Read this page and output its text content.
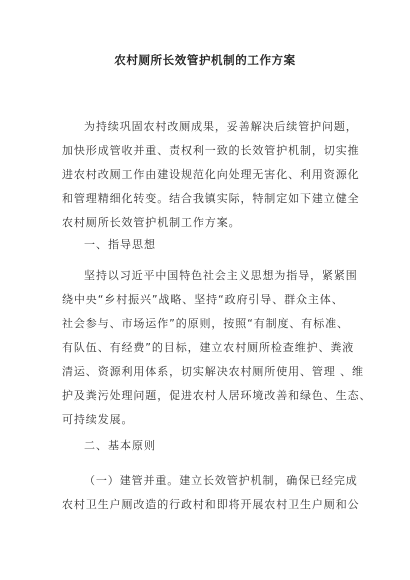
农村厕所长效管护机制的工作方案
为持续巩固农村改厕成果，妥善解决后续管护问题，
加快形成管收并重、责权利一致的长效管护机制，切实推
进农村改厕工作由建设规范化向处理无害化、利用资源化
和管理精细化转变。结合我镇实际，特制定如下建立健全
农村厕所长效管护机制工作方案。
一、指导思想
坚持以习近平中国特色社会主义思想为指导，紧紧围
绕中央“乡村振兴”战略、坚持“政府引导、群众主体、
社会参与、市场运作”的原则，按照“有制度、有标准、
有队伍、有经费”的目标，建立农村厕所检查维护、粪液
清运、资源利用体系，切实解决农村厕所使用、管理 、维
护及粪污处理问题，促进农村人居环境改善和绿色、生态、
可持续发展。
二、基本原则
（一）建管并重。建立长效管护机制，确保已经完成
农村卫生户厕改造的行政村和即将开展农村卫生户厕和公
